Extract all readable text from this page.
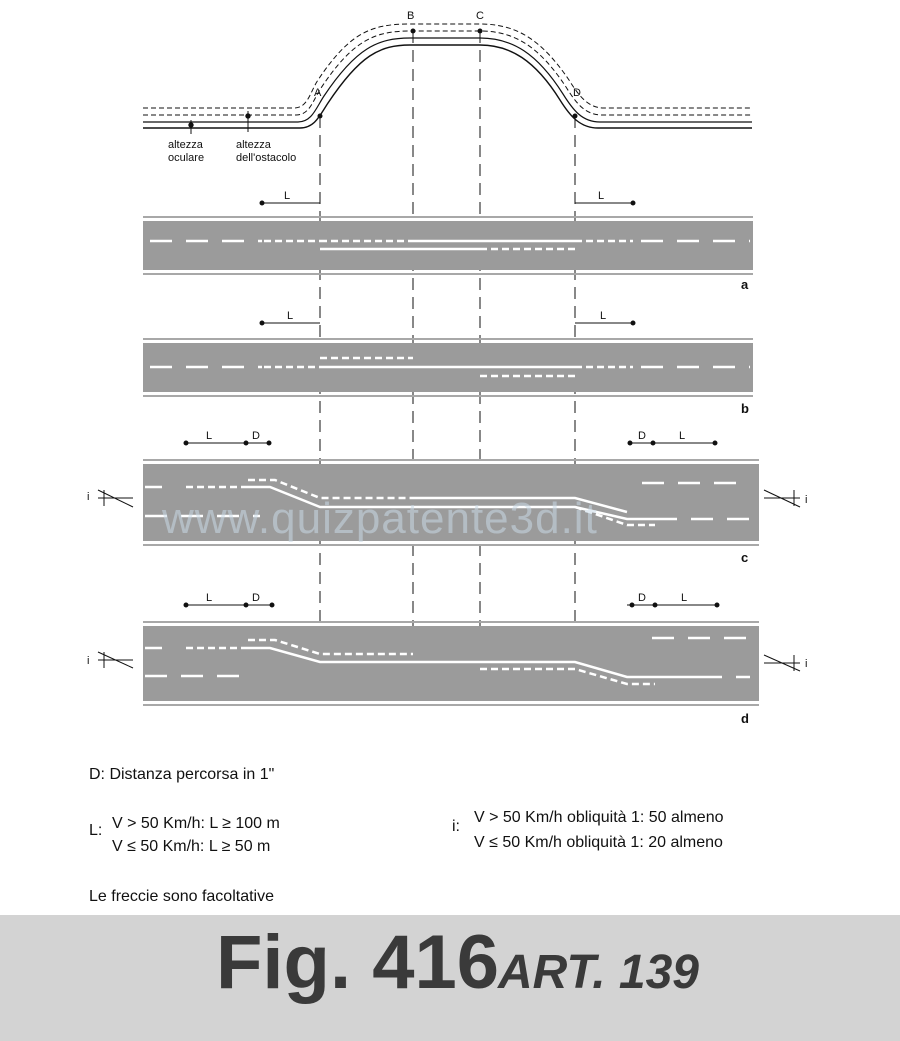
A
B	C
D
altezza
oculare
altezza
dell'ostacolo
L	L
a
L	L
b
L	D	D	L
i	i
c
L	D	D	L
i	i
d
www.quizpatente3d.it
D: Distanza percorsa in 1"
L: V > 50 Km/h: L ≥ 100 m
V ≤ 50 Km/h: L ≥ 50 m
i:
V > 50 Km/h obliquità 1: 50 almeno
V ≤ 50 Km/h obliquità 1: 20 almeno
Le freccie sono facoltative
Fig. 416 ART. 139
